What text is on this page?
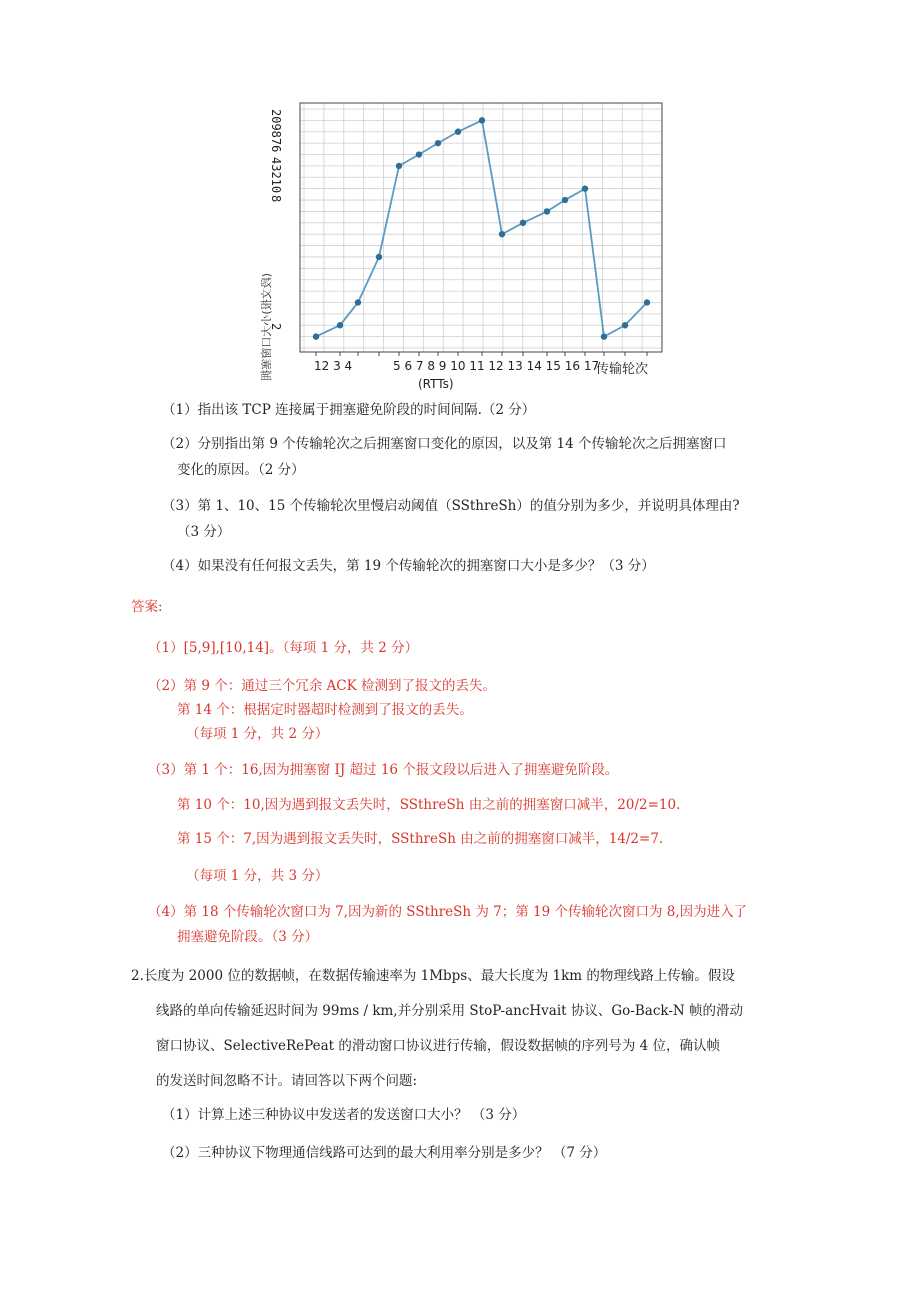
209876
43210
8
2
(段文报)小大口窗塞拥	12 3 4	5 6 7 8 9 10 11 12 13 14 15 16 17
传输轮次
(RTTs)
（1）指出该 TCP 连接属于拥塞避免阶段的时间间隔.（2 分）
（2）分别指出第 9 个传输轮次之后拥塞窗口变化的原因，以及第 14 个传输轮次之后拥塞窗口
变化的原因。（2 分）
（3）第 1、10、15 个传输轮次里慢启动阈值（SSthreSh）的值分别为多少，并说明具体理由?
（3 分）
（4）如果没有任何报文丢失，第 19 个传输轮次的拥塞窗口大小是多少？（3 分）
答案:
（1）[5,9],[10,14]。（每项 1 分，共 2 分）
（2）第 9 个：通过三个冗余 ACK 检测到了报文的丢失。
第 14 个：根据定时器超时检测到了报文的丢失。
（每项 1 分，共 2 分）
（3）第 1 个：16,因为拥塞窗 IJ 超过 16 个报文段以后进入了拥塞避免阶段。
第 10 个：10,因为遇到报文丢失时，SSthreSh 由之前的拥塞窗口减半，20/2=10.
第 15 个：7,因为遇到报文丢失时，SSthreSh 由之前的拥塞窗口减半，14/2=7.
（每项 1 分，共 3 分）
（4）第 18 个传输轮次窗口为 7,因为新的 SSthreSh 为 7；第 19 个传输轮次窗口为 8,因为进入了
拥塞避免阶段。（3 分）
2.长度为 2000 位的数据帧，在数据传输速率为 1Mbps、最大长度为 1km 的物理线路上传输。假设
线路的单向传输延迟时间为 99ms / km,并分别采用 StoP-ancHvait 协议、Go-Back-N 帧的滑动
窗口协议、SelectiveRePeat 的滑动窗口协议进行传输，假设数据帧的序列号为 4 位，确认帧
的发送时间忽略不计。请回答以下两个问题:
（1）计算上述三种协议中发送者的发送窗口大小？ （3 分）
（2）三种协议下物理通信线路可达到的最大利用率分别是多少？ （7 分）
